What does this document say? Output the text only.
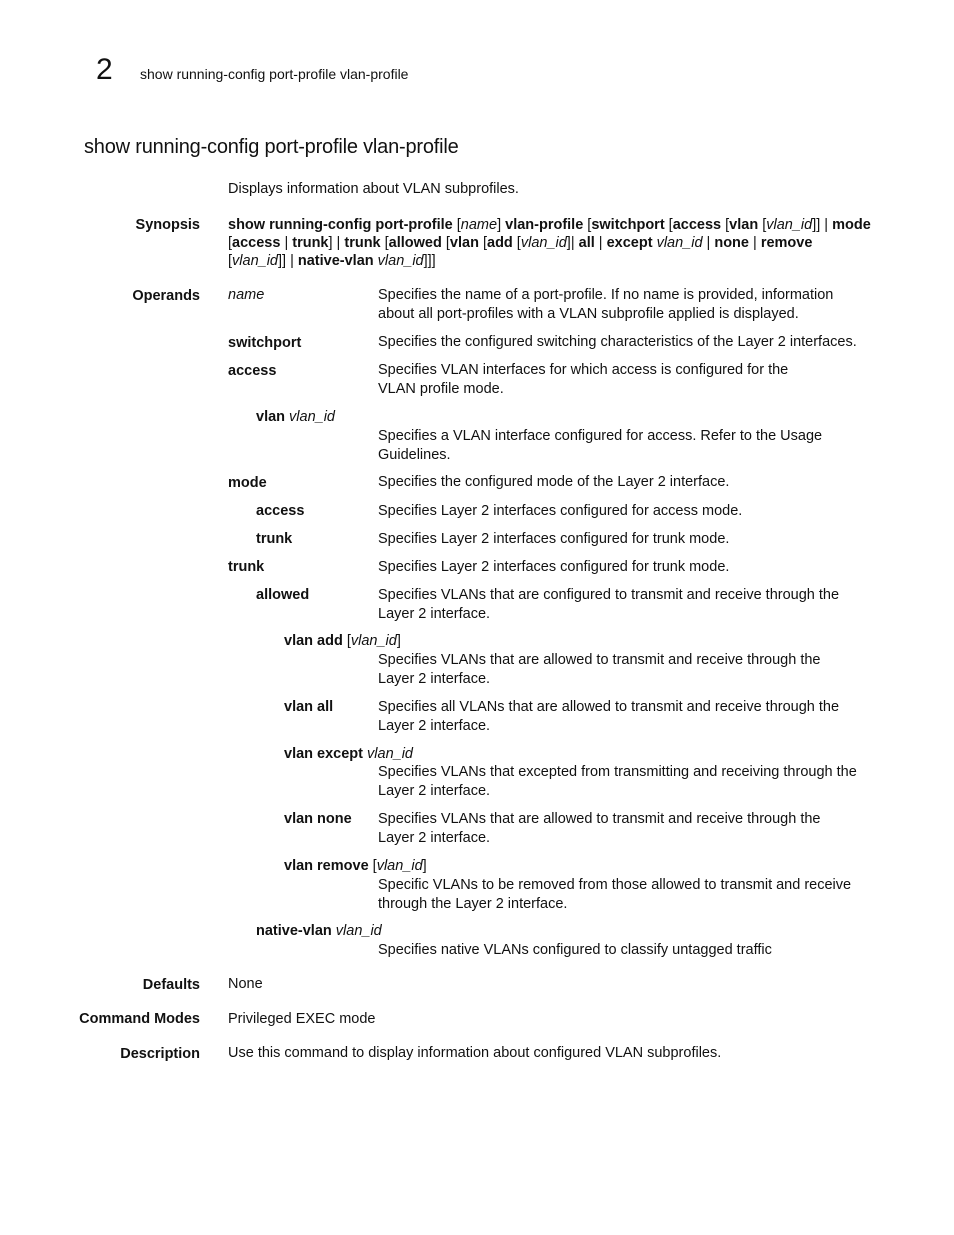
2 show running-config port-profile vlan-profile
show running-config port-profile vlan-profile
Displays information about VLAN subprofiles.
Synopsis show running-config port-profile [name] vlan-profile [switchport [access [vlan [vlan_id]] | mode
[access | trunk] | trunk [allowed [vlan [add [vlan_id]| all | except vlan_id | none | remove
[vlan_id]] | native-vlan vlan_id]]]
Operands name	Specifies the name of a port-profile. If no name is provided, information
about all port-profiles with a VLAN subprofile applied is displayed.
switchport	Specifies the configured switching characteristics of the Layer 2 interfaces.
access	Specifies VLAN interfaces for which access is configured for the
VLAN profile mode.
vlan vlan_id
Specifies a VLAN interface configured for access. Refer to the Usage
Guidelines.
mode	Specifies the configured mode of the Layer 2 interface.
access	Specifies Layer 2 interfaces configured for access mode.
trunk	Specifies Layer 2 interfaces configured for trunk mode.
trunk	Specifies Layer 2 interfaces configured for trunk mode.
allowed	Specifies VLANs that are configured to transmit and receive through the
Layer 2 interface.
vlan add [vlan_id]
Specifies VLANs that are allowed to transmit and receive through the
Layer 2 interface.
vlan all	Specifies all VLANs that are allowed to transmit and receive through the
Layer 2 interface.
vlan except vlan_id
Specifies VLANs that excepted from transmitting and receiving through the
Layer 2 interface.
vlan none Specifies VLANs that are allowed to transmit and receive through the
Layer 2 interface.
vlan remove [vlan_id]
Specific VLANs to be removed from those allowed to transmit and receive
through the Layer 2 interface.
native-vlan vlan_id
Specifies native VLANs configured to classify untagged traffic
Defaults None
Command Modes Privileged EXEC mode
Description Use this command to display information about configured VLAN subprofiles.
